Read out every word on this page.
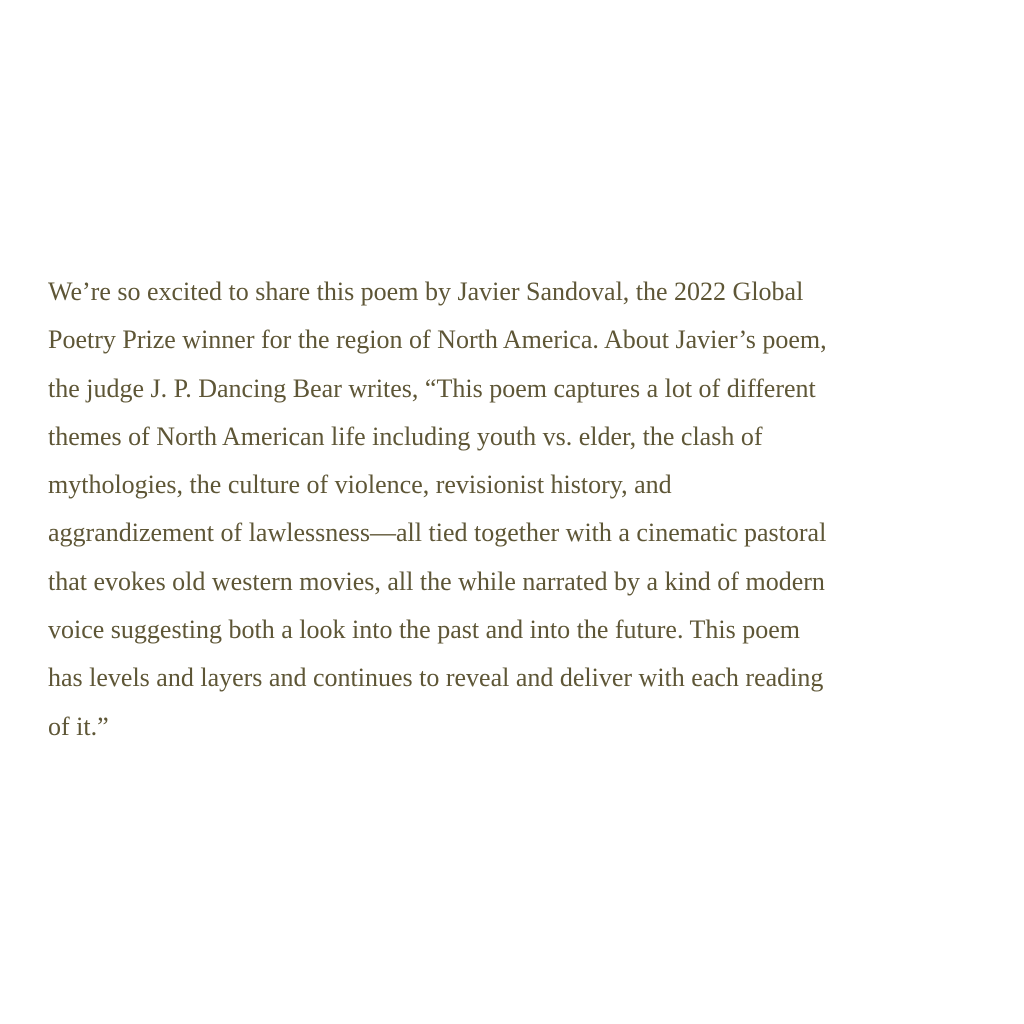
We’re so excited to share this poem by Javier Sandoval, the 2022 Global
Poetry Prize winner for the region of North America. About Javier’s poem,
the judge J. P. Dancing Bear writes, “This poem captures a lot of different
themes of North American life including youth vs. elder, the clash of
mythologies, the culture of violence, revisionist history, and
aggrandizement of lawlessness—all tied together with a cinematic pastoral
that evokes old western movies, all the while narrated by a kind of modern
voice suggesting both a look into the past and into the future. This poem
has levels and layers and continues to reveal and deliver with each reading
of it.”
